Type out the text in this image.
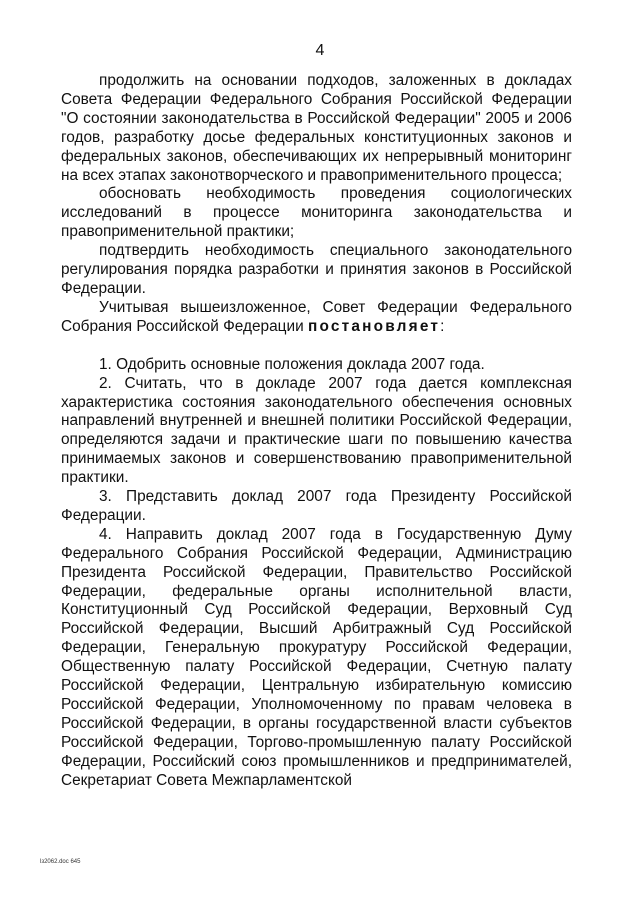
4

продолжить на основании подходов, заложенных в докладах Совета Федерации Федерального Собрания Российской Федерации "О состоянии законодательства в Российской Федерации" 2005 и 2006 годов, разработку досье федеральных конституционных законов и федеральных законов, обеспечивающих их непрерывный мониторинг на всех этапах законотворческого и правоприменительного процесса;

обосновать необходимость проведения социологических исследований в процессе мониторинга законодательства и правоприменительной практики;

подтвердить необходимость специального законодательного регулирования порядка разработки и принятия законов в Российской Федерации.

Учитывая вышеизложенное, Совет Федерации Федерального Собрания Российской Федерации постановляет:

1. Одобрить основные положения доклада 2007 года.

2. Считать, что в докладе 2007 года дается комплексная характеристика состояния законодательного обеспечения основных направлений внутренней и внешней политики Российской Федерации, определяются задачи и практические шаги по повышению качества принимаемых законов и совершенствованию правоприменительной практики.

3. Представить доклад 2007 года Президенту Российской Федерации.

4. Направить доклад 2007 года в Государственную Думу Федерального Собрания Российской Федерации, Администрацию Президента Российской Федерации, Правительство Российской Федерации, федеральные органы исполнительной власти, Конституционный Суд Российской Федерации, Верховный Суд Российской Федерации, Высший Арбитражный Суд Российской Федерации, Генеральную прокуратуру Российской Федерации, Общественную палату Российской Федерации, Счетную палату Российской Федерации, Центральную избирательную комиссию Российской Федерации, Уполномоченному по правам человека в Российской Федерации, в органы государственной власти субъектов Российской Федерации, Торгово-промышленную палату Российской Федерации, Российский союз промышленников и предпринимателей, Секретариат Совета Межпарламентской

lз2062.doc 645
